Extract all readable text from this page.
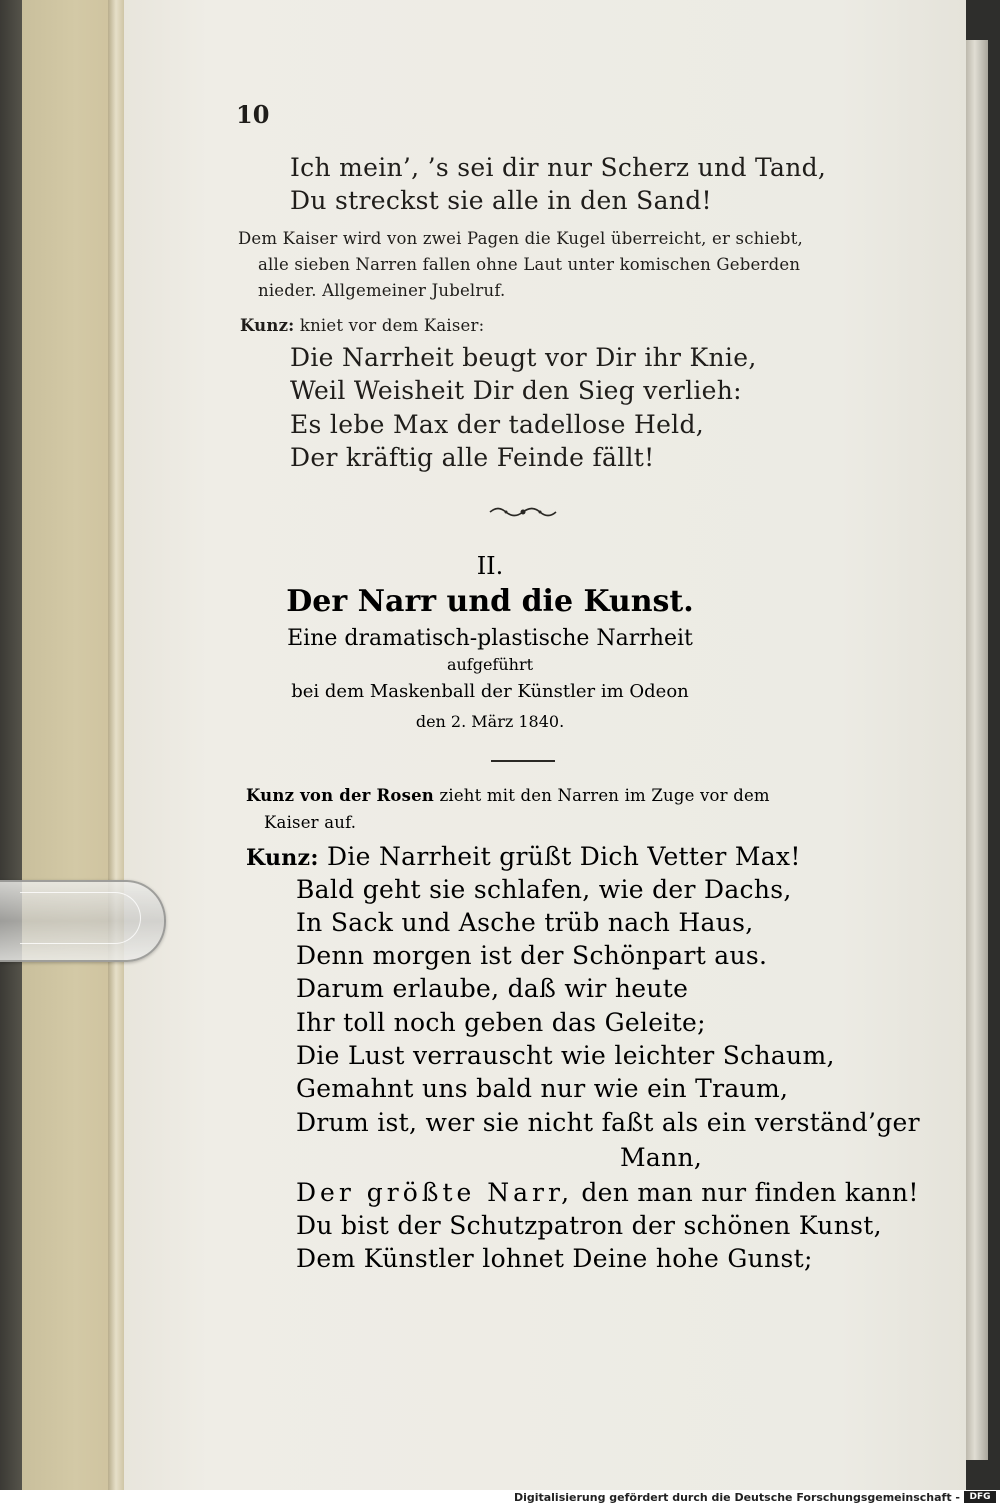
10
Ich mein’, ’s sei dir nur Scherz und Tand,
Du streckst sie alle in den Sand!
Dem Kaiser wird von zwei Pagen die Kugel überreicht, er schiebt,
alle sieben Narren fallen ohne Laut unter komischen Geberden
nieder. Allgemeiner Jubelruf.
Kunz: kniet vor dem Kaiser:
Die Narrheit beugt vor Dir ihr Knie,
Weil Weisheit Dir den Sieg verlieh:
Es lebe Max der tadellose Held,
Der kräftig alle Feinde fällt!
II.
Der Narr und die Kunst.
Eine dramatisch-plastische Narrheit
aufgeführt
bei dem Maskenball der Künstler im Odeon
den 2. März 1840.
Kunz von der Rosen zieht mit den Narren im Zuge vor dem
Kaiser auf.
Kunz: Die Narrheit grüßt Dich Vetter Max!
Bald geht sie schlafen, wie der Dachs,
In Sack und Asche trüb nach Haus,
Denn morgen ist der Schönpart aus.
Darum erlaube, daß wir heute
Ihr toll noch geben das Geleite;
Die Lust verrauscht wie leichter Schaum,
Gemahnt uns bald nur wie ein Traum,
Drum ist, wer sie nicht faßt als ein verständ’ger
Mann,
Der größte Narr, den man nur finden kann!
Du bist der Schutzpatron der schönen Kunst,
Dem Künstler lohnet Deine hohe Gunst;
Digitalisierung gefördert durch die Deutsche Forschungsgemeinschaft -	DFG
